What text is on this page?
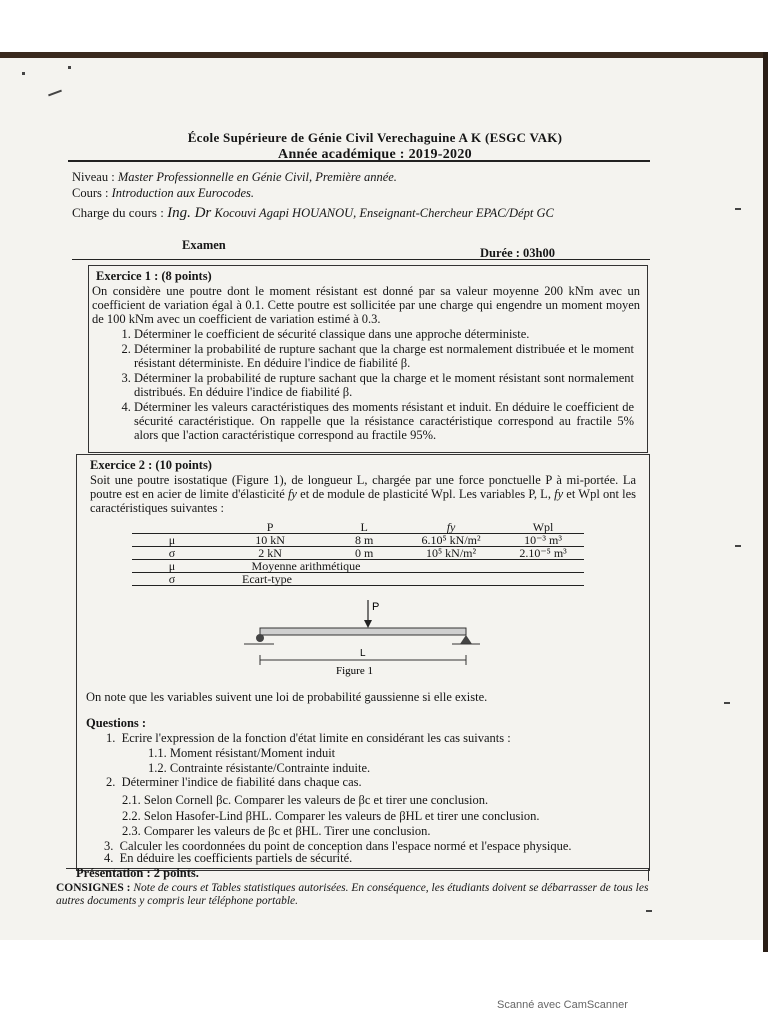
École Supérieure de Génie Civil Verechaguine A K (ESGC VAK)
Année académique : 2019-2020
Niveau : Master Professionnelle en Génie Civil, Première année.
Cours : Introduction aux Eurocodes.
Charge du cours : Ing. Dr Kocouvi Agapi HOUANOU, Enseignant-Chercheur EPAC/Dépt GC
Examen
Durée : 03h00
Exercice 1 : (8 points)

On considère une poutre dont le moment résistant est donné par sa valeur moyenne 200 kNm avec un coefficient de variation égal à 0.1. Cette poutre est sollicitée par une charge qui engendre un moment moyen de 100 kNm avec un coefficient de variation estimé à 0.3.

1. Déterminer le coefficient de sécurité classique dans une approche déterministe.
2. Déterminer la probabilité de rupture sachant que la charge est normalement distribuée et le moment résistant déterministe. En déduire l'indice de fiabilité β.
3. Déterminer la probabilité de rupture sachant que la charge et le moment résistant sont normalement distribués. En déduire l'indice de fiabilité β.
4. Déterminer les valeurs caractéristiques des moments résistant et induit. En déduire le coefficient de sécurité caractéristique. On rappelle que la résistance caractéristique correspond au fractile 5% alors que l'action caractéristique correspond au fractile 95%.
Exercice 2 : (10 points)

Soit une poutre isostatique (Figure 1), de longueur L, chargée par une force ponctuelle P à mi-portée. La poutre est en acier de limite d'élasticité fy et de module de plasticité Wpl. Les variables P, L, fy et Wpl ont les caractéristiques suivantes :

	P	L	fy	Wpl
μ	10 kN	8 m	6.10⁵ kN/m²	10⁻³ m³
σ	2 kN	0 m	10⁵ kN/m²	2.10⁻⁵ m³
μ	Moyenne arithmétique			
σ	Ecart-type			
P
L
Figure 1
On note que les variables suivent une loi de probabilité gaussienne si elle existe.
Questions :
1. Ecrire l'expression de la fonction d'état limite en considérant les cas suivants :
1.1. Moment résistant/Moment induit
1.2. Contrainte résistante/Contrainte induite.
2. Déterminer l'indice de fiabilité dans chaque cas.
2.1. Selon Cornell βc. Comparer les valeurs de βc et tirer une conclusion.
2.2. Selon Hasofer-Lind βHL. Comparer les valeurs de βHL et tirer une conclusion.
2.3. Comparer les valeurs de βc et βHL. Tirer une conclusion.
3. Calculer les coordonnées du point de conception dans l'espace normé et l'espace physique.
4. En déduire les coefficients partiels de sécurité.
Présentation : 2 points.
CONSIGNES : Note de cours et Tables statistiques autorisées. En conséquence, les étudiants doivent se débarrasser de tous les autres documents y compris leur téléphone portable.
Scanné avec CamScanner
